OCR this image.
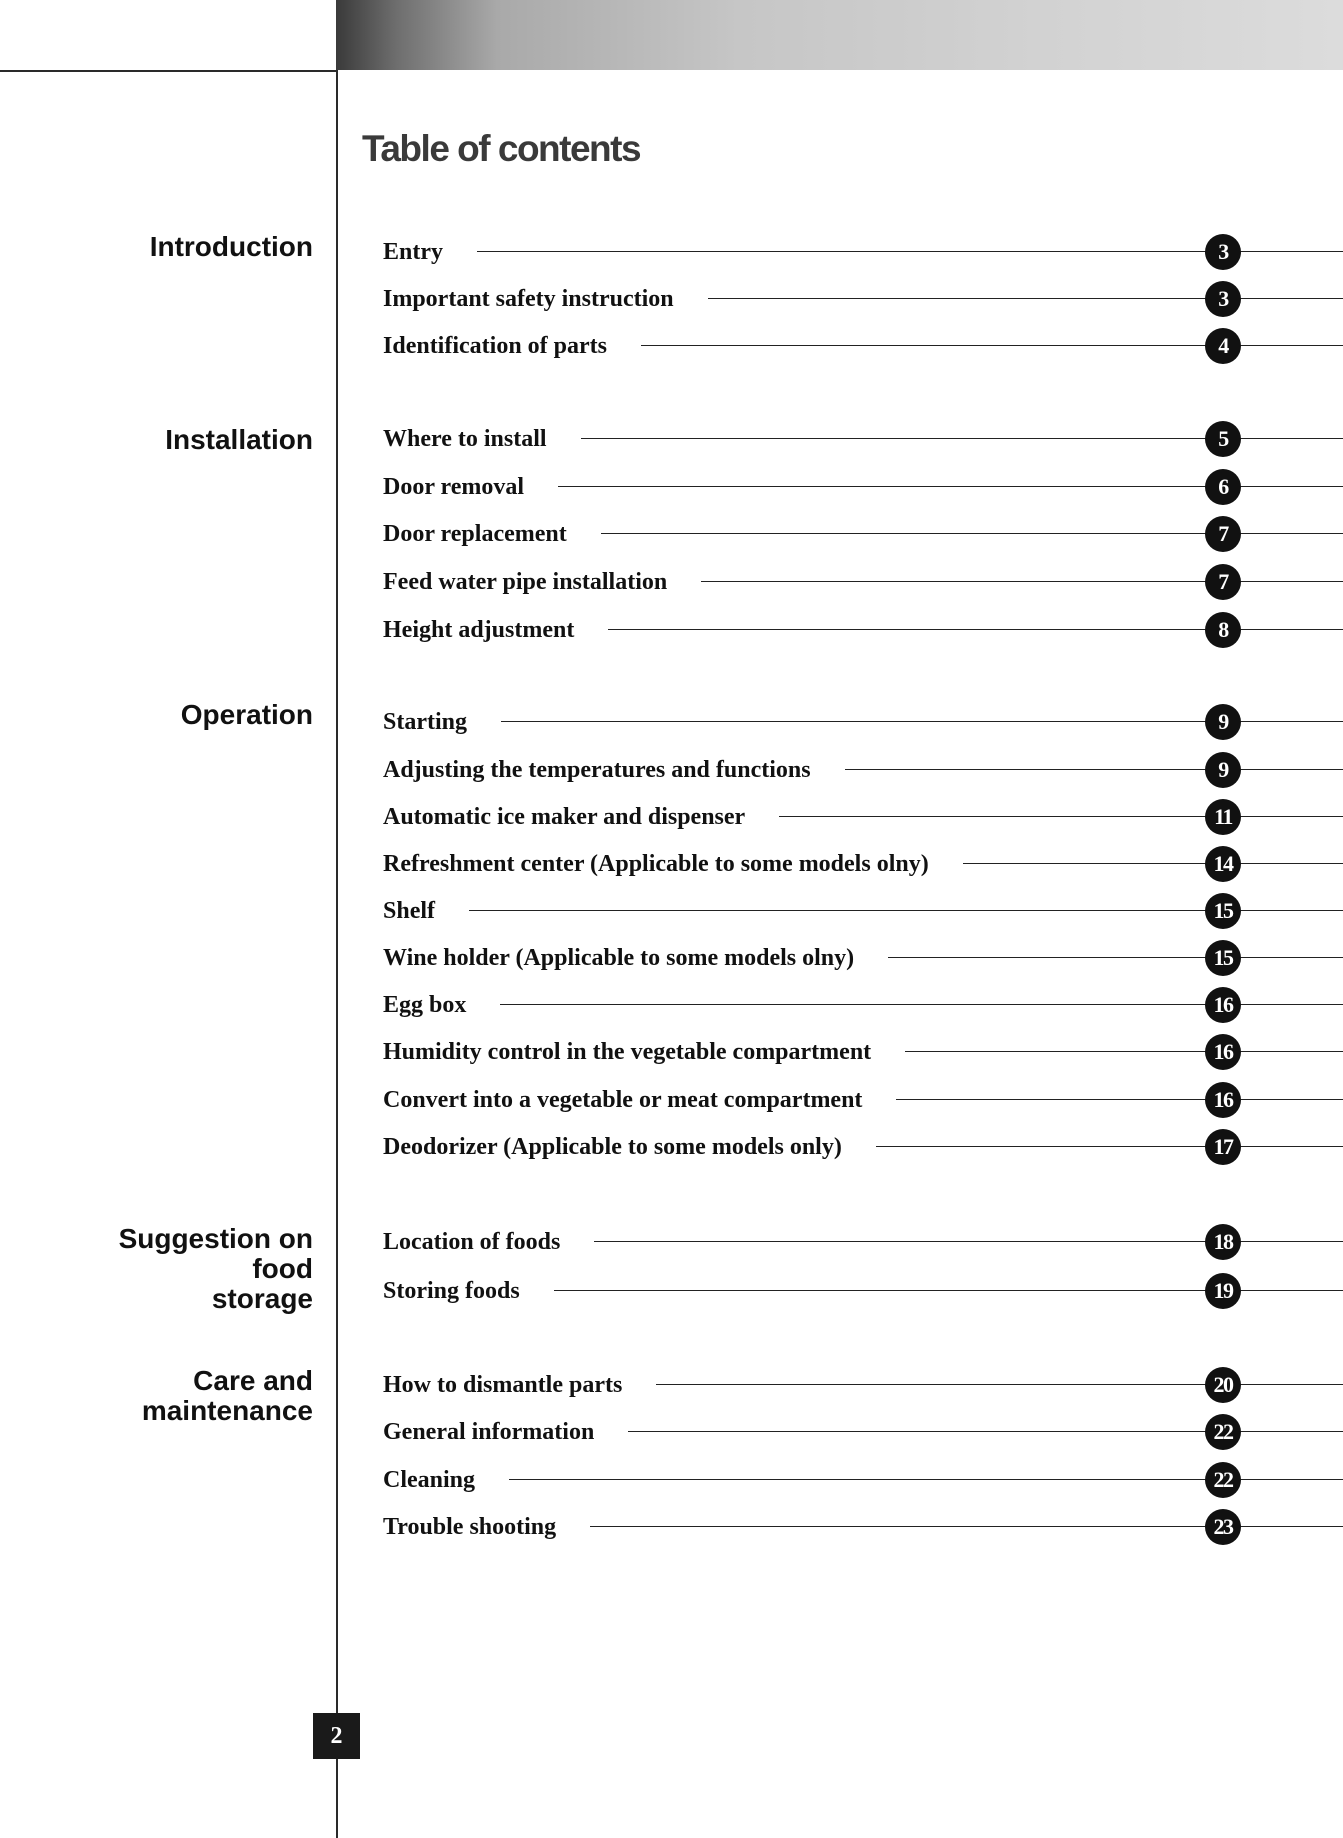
Table of contents
Introduction	Entry	3
Important safety instruction	3
Identification of parts	4
Installation	Where to install	5
Door removal	6
Door replacement	7
Feed water pipe installation	7
Height adjustment	8
Operation	Starting	9
Adjusting the temperatures and functions	9
Automatic ice maker and dispenser	11
Refreshment center (Applicable to some models olny)	14
Shelf	15
Wine holder (Applicable to some models olny)	15
Egg box	16
Humidity control in the vegetable compartment	16
Convert into a vegetable or meat compartment	16
Deodorizer (Applicable to some models only)	17
Suggestion on
food
storage
Location of foods	18
Storing foods	19
Care and
maintenance
How to dismantle parts	20
General information	22
Cleaning	22
Trouble shooting	23
2
